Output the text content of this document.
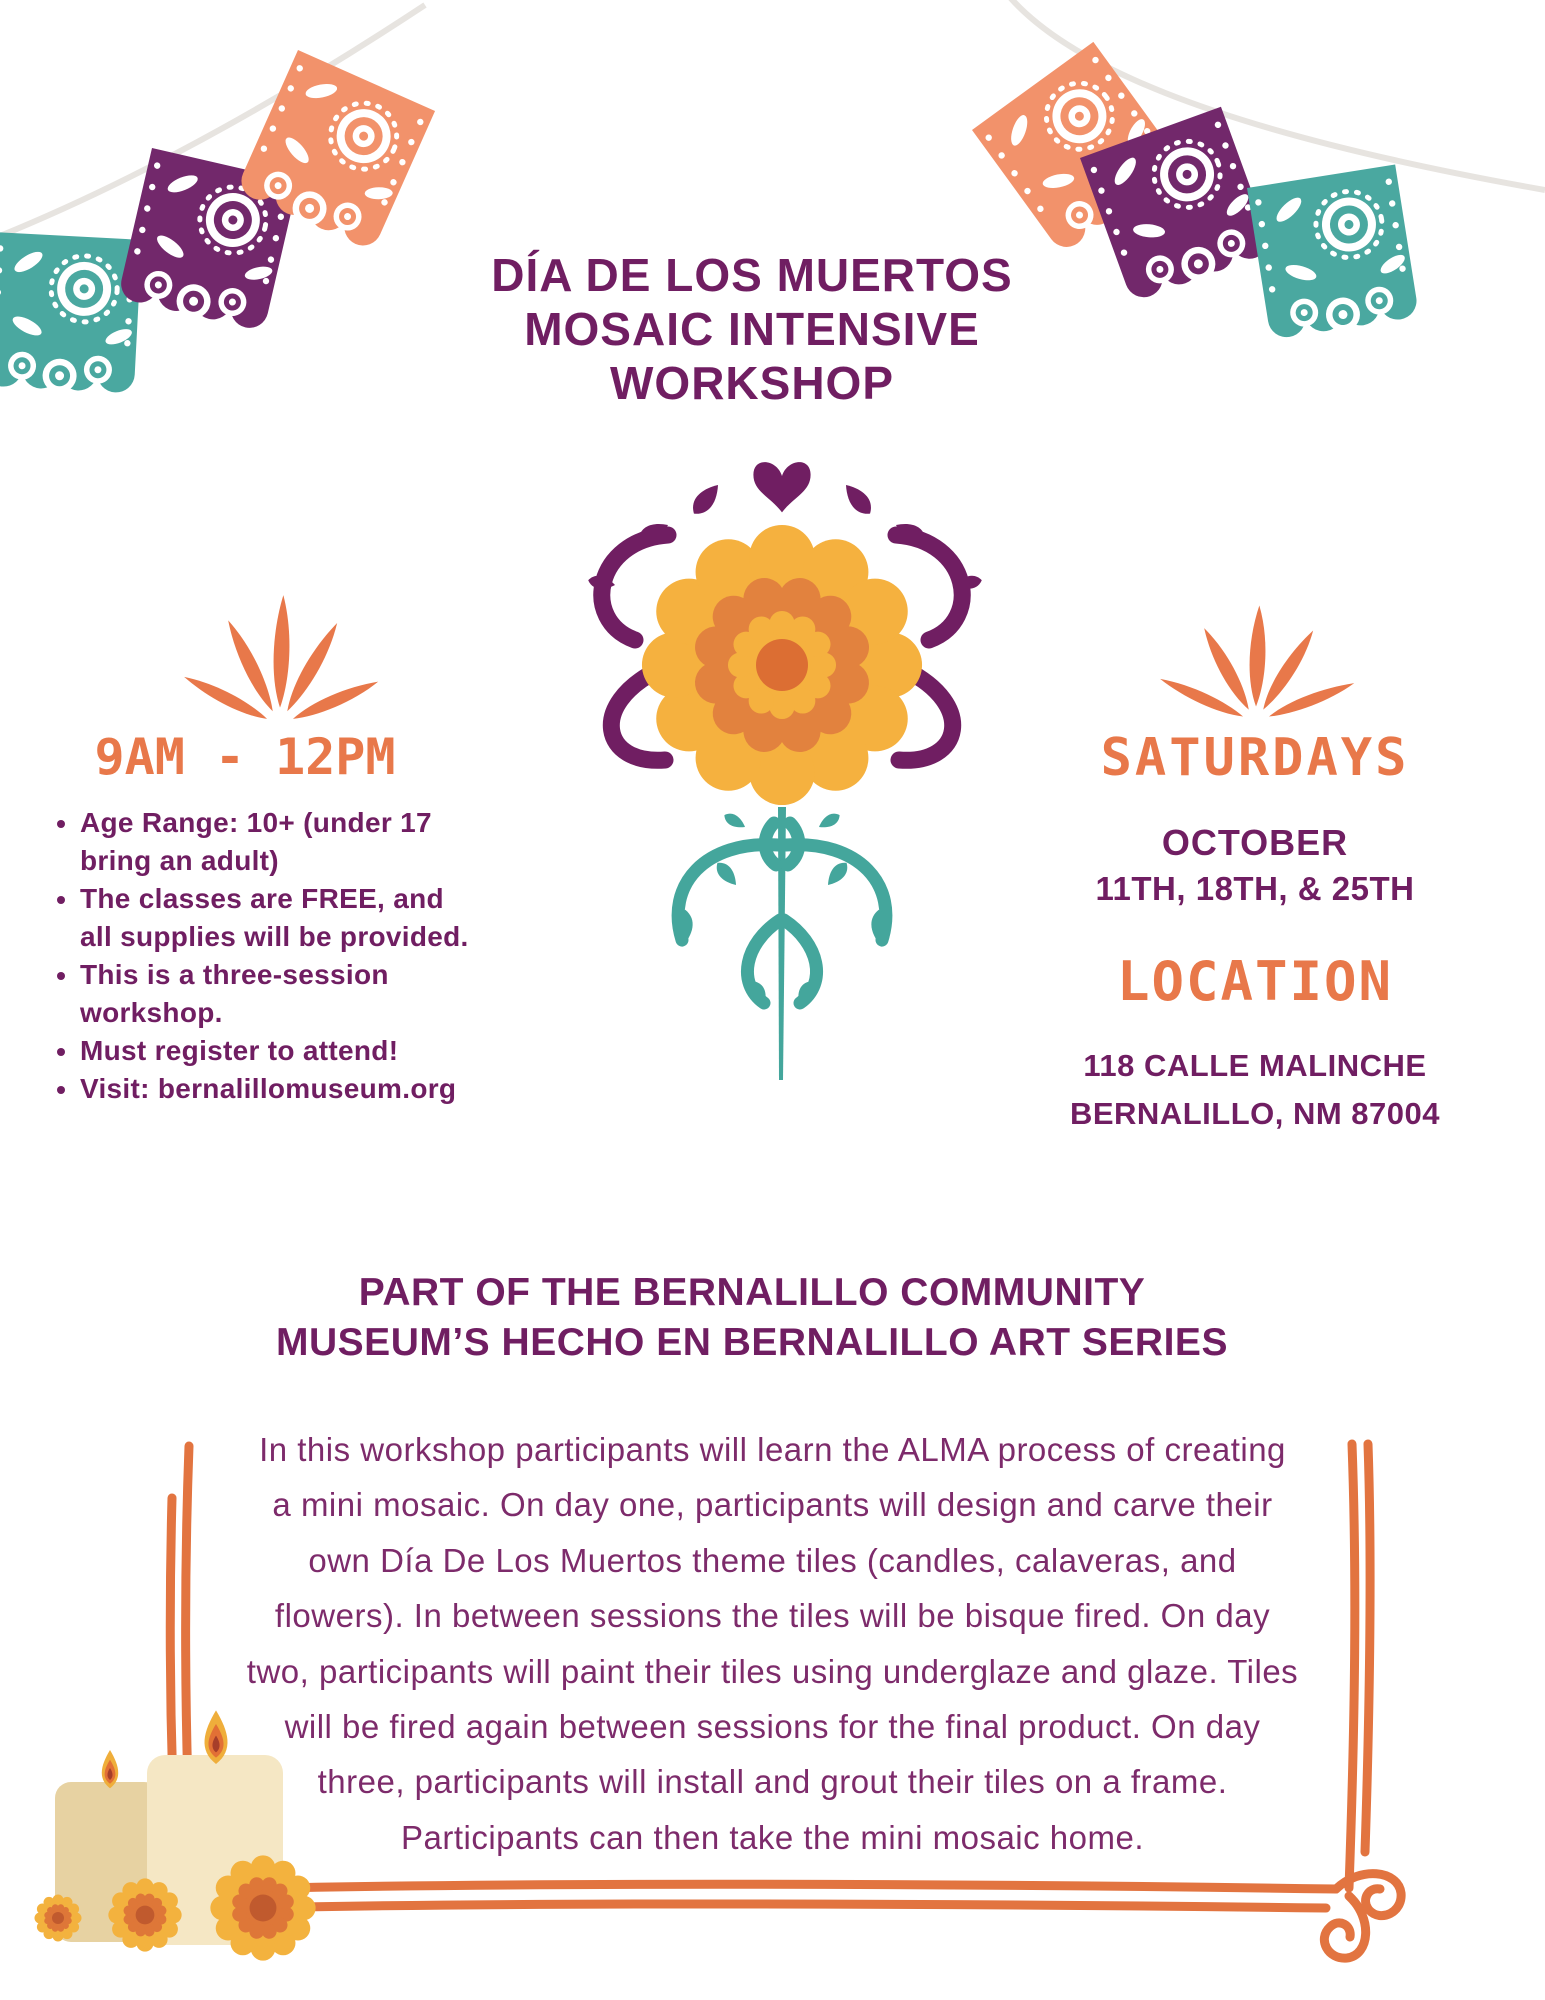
DÍA DE LOS MUERTOS
MOSAIC INTENSIVE
WORKSHOP
9AM - 12PM
• Age Range: 10+ (under 17 bring an adult)
• The classes are FREE, and all supplies will be provided.
• This is a three-session workshop.
• Must register to attend!
• Visit: bernalillomuseum.org
SATURDAYS
OCTOBER
11TH, 18TH, & 25TH
LOCATION
118 CALLE MALINCHE
BERNALILLO, NM 87004
PART OF THE BERNALILLO COMMUNITY
MUSEUM’S HECHO EN BERNALILLO ART SERIES
In this workshop participants will learn the ALMA process of creating a mini mosaic. On day one, participants will design and carve their own Día De Los Muertos theme tiles (candles, calaveras, and flowers). In between sessions the tiles will be bisque fired. On day two, participants will paint their tiles using underglaze and glaze. Tiles will be fired again between sessions for the final product. On day three, participants will install and grout their tiles on a frame. Participants can then take the mini mosaic home.
